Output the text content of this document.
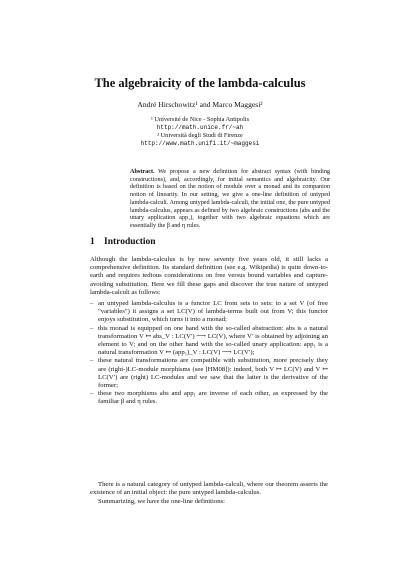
The algebraicity of the lambda-calculus
André Hirschowitz¹ and Marco Maggesi²
¹ Université de Nice - Sophia Antipolis
http://math.unice.fr/~ah
² Università degli Studi di Firenze
http://www.math.unifi.it/~maggesi
Abstract. We propose a new definition for abstract syntax (with binding constructions), and, accordingly, for initial semantics and algebraicity. Our definition is based on the notion of module over a monad and its companion notion of linearity. In our setting, we give a one-line definition of untyped lambda-calculi. Among untyped lambda-calculi, the initial one, the pure untyped lambda-calculus, appears as defined by two algebraic constructions (abs and the unary application app₁), together with two algebraic equations which are essentially the β and η rules.
1 Introduction
Although the lambda-calculus is by now seventy five years old, it still lacks a comprehensive definition. Its standard definition (see e.g. Wikipedia) is quite down-to-earth and requires tedious considerations on free versus bound variables and capture-avoiding substitution. Here we fill these gaps and discover the true nature of untyped lambda-calculi as follows:
– an untyped lambda-calculus is a functor LC from sets to sets: to a set V (of free "variables") it assigns a set LC(V) of lambda-terms built out from V; this functor enjoys substitution, which turns it into a monad;
– this monad is equipped on one hand with the so-called abstraction: abs is a natural transformation V ↦ abs_V : LC(V′) ⟶ LC(V), where V′ is obtained by adjoining an element to V; and on the other hand with the so-called unary application: app₁ is a natural transformation V ↦ (app₁)_V : LC(V) ⟶ LC(V′);
– these natural transformations are compatible with substitution, more precisely they are (right-)LC-module morphisms (see [HM08]): indeed, both V ↦ LC(V) and V ↦ LC(V′) are (right) LC-modules and we saw that the latter is the derivative of the former;
– these two morphisms abs and app₁ are inverse of each other, as expressed by the familiar β and η rules.
There is a natural category of untyped lambda-calculi, where our theorem asserts the existence of an initial object: the pure untyped lambda-calculus.
Summarizing, we have the one-line definitions:
